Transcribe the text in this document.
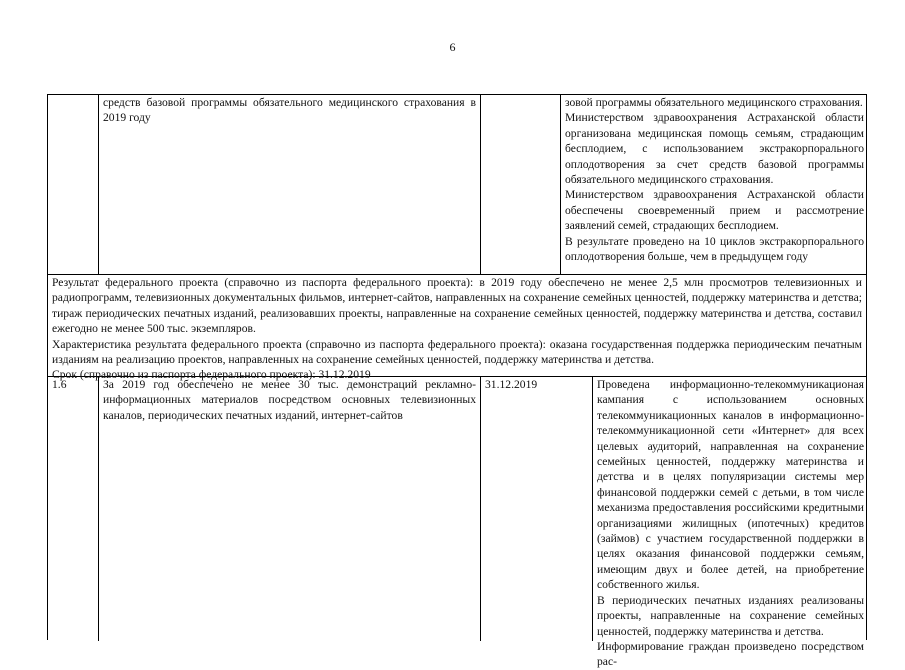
6
средств базовой программы обязательного медицинского страхования в 2019 году

зовой программы обязательного медицинского страхования.

Министерством здравоохранения Астраханской области организована медицинская помощь семьям, страдающим бесплодием, с использованием экстракорпорального оплодотворения за счет средств базовой программы обязательного медицинского страхования.

Министерством здравоохранения Астраханской области обеспечены своевременный прием и рассмотрение заявлений семей, страдающих бесплодием.

В результате проведено на 10 циклов экстракорпорального оплодотворения больше, чем в предыдущем году

Результат федерального проекта (справочно из паспорта федерального проекта): в 2019 году обеспечено не менее 2,5 млн просмотров телевизионных и радиопрограмм, телевизионных документальных фильмов, интернет-сайтов, направленных на сохранение семейных ценностей, поддержку материнства и детства; тираж периодических печатных изданий, реализовавших проекты, направленные на сохранение семейных ценностей, поддержку материнства и детства, составил ежегодно не менее 500 тыс. экземпляров.

Характеристика результата федерального проекта (справочно из паспорта федерального проекта): оказана государственная поддержка периодическим печатным изданиям на реализацию проектов, направленных на сохранение семейных ценностей, поддержку материнства и детства.

Срок (справочно из паспорта федерального проекта): 31.12.2019

1.6	За 2019 год обеспечено не менее 30 тыс. демонстраций рекламно-информационных материалов посредством основных телевизионных каналов, периодических печатных изданий, интернет-сайтов
31.12.2019	Проведена информационно-телекоммуникационая кампания с использованием основных телекоммуникационных каналов в информационно-телекоммуникационной сети «Интернет» для всех целевых аудиторий, направленная на сохранение семейных ценностей, поддержку материнства и детства и в целях популяризации системы мер финансовой поддержки семей с детьми, в том числе механизма предоставления российскими кредитными организациями жилищных (ипотечных) кредитов (займов) с участием государственной поддержки в целях оказания финансовой поддержки семьям, имеющим двух и более детей, на приобретение собственного жилья.

В периодических печатных изданиях реализованы проекты, направленные на сохранение семейных ценностей, поддержку материнства и детства.

Информирование граждан произведено посредством рас-
